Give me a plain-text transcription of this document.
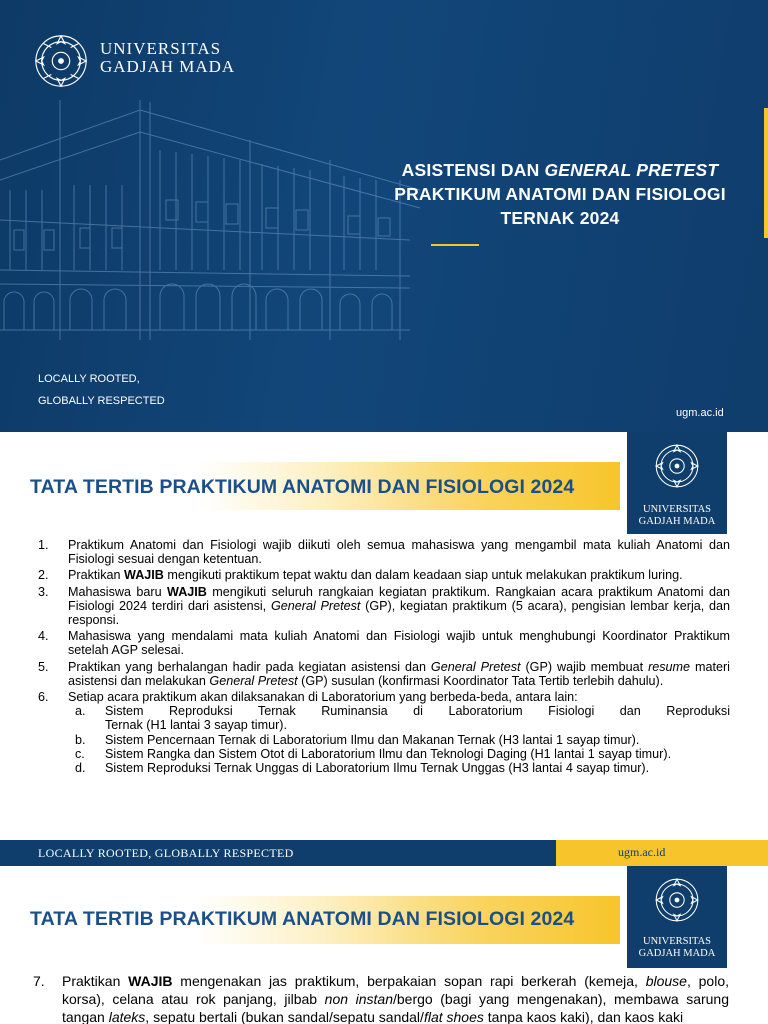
UNIVERSITAS
GADJAH MADA
ASISTENSI DAN GENERAL PRETEST
PRAKTIKUM ANATOMI DAN FISIOLOGI
TERNAK 2024
LOCALLY ROOTED,
GLOBALLY RESPECTED
ugm.ac.id
TATA TERTIB PRAKTIKUM ANATOMI DAN FISIOLOGI 2024
UNIVERSITAS
GADJAH MADA
1. Praktikum Anatomi dan Fisiologi wajib diikuti oleh semua mahasiswa yang mengambil mata kuliah Anatomi dan Fisiologi sesuai dengan ketentuan.
2. Praktikan WAJIB mengikuti praktikum tepat waktu dan dalam keadaan siap untuk melakukan praktikum luring.
3. Mahasiswa baru WAJIB mengikuti seluruh rangkaian kegiatan praktikum. Rangkaian acara praktikum Anatomi dan Fisiologi 2024 terdiri dari asistensi, General Pretest (GP), kegiatan praktikum (5 acara), pengisian lembar kerja, dan responsi.
4. Mahasiswa yang mendalami mata kuliah Anatomi dan Fisiologi wajib untuk menghubungi Koordinator Praktikum setelah AGP selesai.
5. Praktikan yang berhalangan hadir pada kegiatan asistensi dan General Pretest (GP) wajib membuat resume materi asistensi dan melakukan General Pretest (GP) susulan (konfirmasi Koordinator Tata Tertib terlebih dahulu).
6. Setiap acara praktikum akan dilaksanakan di Laboratorium yang berbeda-beda, antara lain:
a. Sistem Reproduksi Ternak Ruminansia di Laboratorium Fisiologi dan Reproduksi
Ternak (H1 lantai 3 sayap timur).
b. Sistem Pencernaan Ternak di Laboratorium Ilmu dan Makanan Ternak (H3 lantai 1 sayap timur).
c. Sistem Rangka dan Sistem Otot di Laboratorium Ilmu dan Teknologi Daging (H1 lantai 1 sayap timur).
d. Sistem Reproduksi Ternak Unggas di Laboratorium Ilmu Ternak Unggas (H3 lantai 4 sayap timur).
LOCALLY ROOTED, GLOBALLY RESPECTED	ugm.ac.id
TATA TERTIB PRAKTIKUM ANATOMI DAN FISIOLOGI 2024
UNIVERSITAS
GADJAH MADA
7. Praktikan WAJIB mengenakan jas praktikum, berpakaian sopan rapi berkerah (kemeja, blouse, polo, korsa), celana atau rok panjang, jilbab non instan/bergo (bagi yang mengenakan), membawa sarung tangan lateks, sepatu bertali (bukan sandal/sepatu sandal/flat shoes tanpa kaos kaki), dan kaos kaki
